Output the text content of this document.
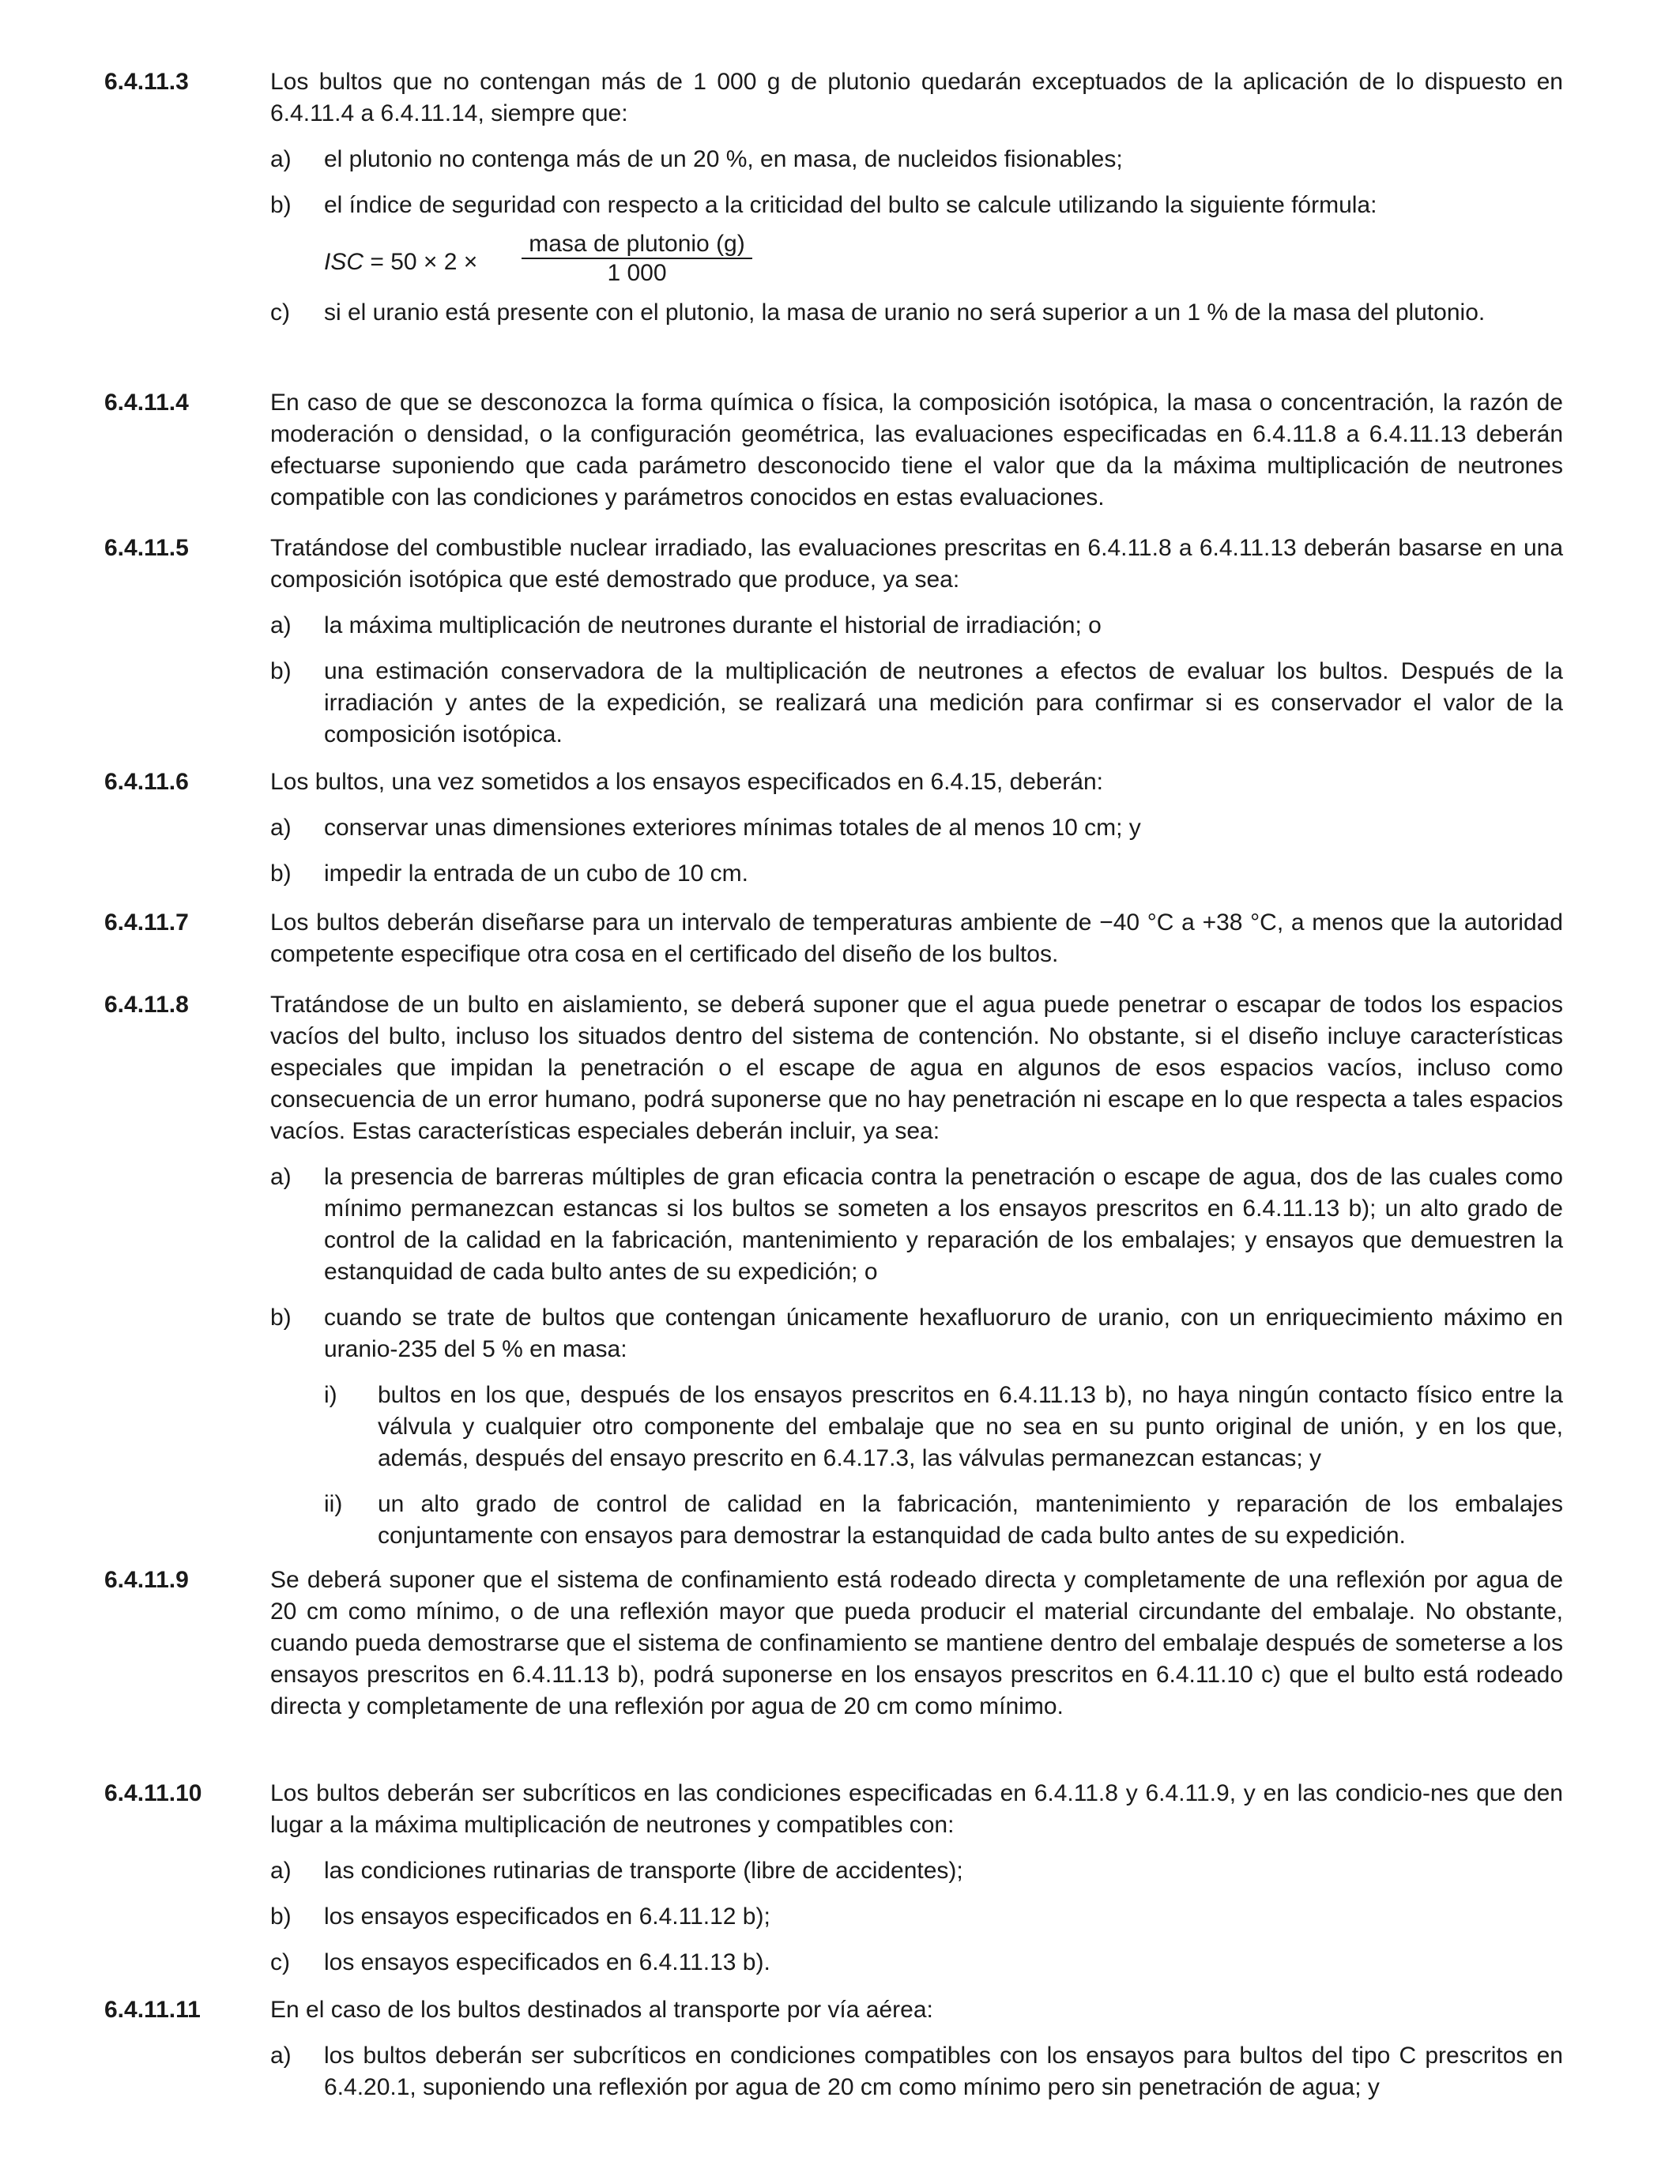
6.4.11.3	Los bultos que no contengan más de 1 000 g de plutonio quedarán exceptuados de la aplicación de lo dispuesto en 6.4.11.4 a 6.4.11.14, siempre que:
a)	el plutonio no contenga más de un 20 %, en masa, de nucleidos fisionables;
b)	el índice de seguridad con respecto a la criticidad del bulto se calcule utilizando la siguiente fórmula:
ISC = 50 × 2 ×
masa de plutonio (g)
1 000
c)	si el uranio está presente con el plutonio, la masa de uranio no será superior a un 1 % de la masa del plutonio.
6.4.11.4	En caso de que se desconozca la forma química o física, la composición isotópica, la masa o concentración, la razón de moderación o densidad, o la configuración geométrica, las evaluaciones especificadas en 6.4.11.8 a 6.4.11.13 deberán efectuarse suponiendo que cada parámetro desconocido tiene el valor que da la máxima multiplicación de neutrones compatible con las condiciones y parámetros conocidos en estas evaluaciones.
6.4.11.5	Tratándose del combustible nuclear irradiado, las evaluaciones prescritas en 6.4.11.8 a 6.4.11.13 deberán basarse en una composición isotópica que esté demostrado que produce, ya sea:
a)	la máxima multiplicación de neutrones durante el historial de irradiación; o
b)	una estimación conservadora de la multiplicación de neutrones a efectos de evaluar los bultos. Después de la irradiación y antes de la expedición, se realizará una medición para confirmar si es conservador el valor de la composición isotópica.
6.4.11.6	Los bultos, una vez sometidos a los ensayos especificados en 6.4.15, deberán:
a)	conservar unas dimensiones exteriores mínimas totales de al menos 10 cm; y
b)	impedir la entrada de un cubo de 10 cm.
6.4.11.7	Los bultos deberán diseñarse para un intervalo de temperaturas ambiente de −40 °C a +38 °C, a menos que la autoridad competente especifique otra cosa en el certificado del diseño de los bultos.
6.4.11.8	Tratándose de un bulto en aislamiento, se deberá suponer que el agua puede penetrar o escapar de todos los espacios vacíos del bulto, incluso los situados dentro del sistema de contención. No obstante, si el diseño incluye características especiales que impidan la penetración o el escape de agua en algunos de esos espacios vacíos, incluso como consecuencia de un error humano, podrá suponerse que no hay penetración ni escape en lo que respecta a tales espacios vacíos. Estas características especiales deberán incluir, ya sea:
a)	la presencia de barreras múltiples de gran eficacia contra la penetración o escape de agua, dos de las cuales como mínimo permanezcan estancas si los bultos se someten a los ensayos prescritos en 6.4.11.13 b); un alto grado de control de la calidad en la fabricación, mantenimiento y reparación de los embalajes; y ensayos que demuestren la estanquidad de cada bulto antes de su expedición; o
b)	cuando se trate de bultos que contengan únicamente hexafluoruro de uranio, con un enriquecimiento máximo en uranio-235 del 5 % en masa:
i)	bultos en los que, después de los ensayos prescritos en 6.4.11.13 b), no haya ningún contacto físico entre la válvula y cualquier otro componente del embalaje que no sea en su punto original de unión, y en los que, además, después del ensayo prescrito en 6.4.17.3, las válvulas permanezcan estancas; y
ii)	un alto grado de control de calidad en la fabricación, mantenimiento y reparación de los embalajes conjuntamente con ensayos para demostrar la estanquidad de cada bulto antes de su expedición.
6.4.11.9	Se deberá suponer que el sistema de confinamiento está rodeado directa y completamente de una reflexión por agua de 20 cm como mínimo, o de una reflexión mayor que pueda producir el material circundante del embalaje. No obstante, cuando pueda demostrarse que el sistema de confinamiento se mantiene dentro del embalaje después de someterse a los ensayos prescritos en 6.4.11.13 b), podrá suponerse en los ensayos prescritos en 6.4.11.10 c) que el bulto está rodeado directa y completamente de una reflexión por agua de 20 cm como mínimo.
6.4.11.10	Los bultos deberán ser subcríticos en las condiciones especificadas en 6.4.11.8 y 6.4.11.9, y en las condicio-nes que den lugar a la máxima multiplicación de neutrones y compatibles con:
a)	las condiciones rutinarias de transporte (libre de accidentes);
b)	los ensayos especificados en 6.4.11.12 b);
c)	los ensayos especificados en 6.4.11.13 b).
6.4.11.11	En el caso de los bultos destinados al transporte por vía aérea:
a)	los bultos deberán ser subcríticos en condiciones compatibles con los ensayos para bultos del tipo C prescritos en 6.4.20.1, suponiendo una reflexión por agua de 20 cm como mínimo pero sin penetración de agua; y
